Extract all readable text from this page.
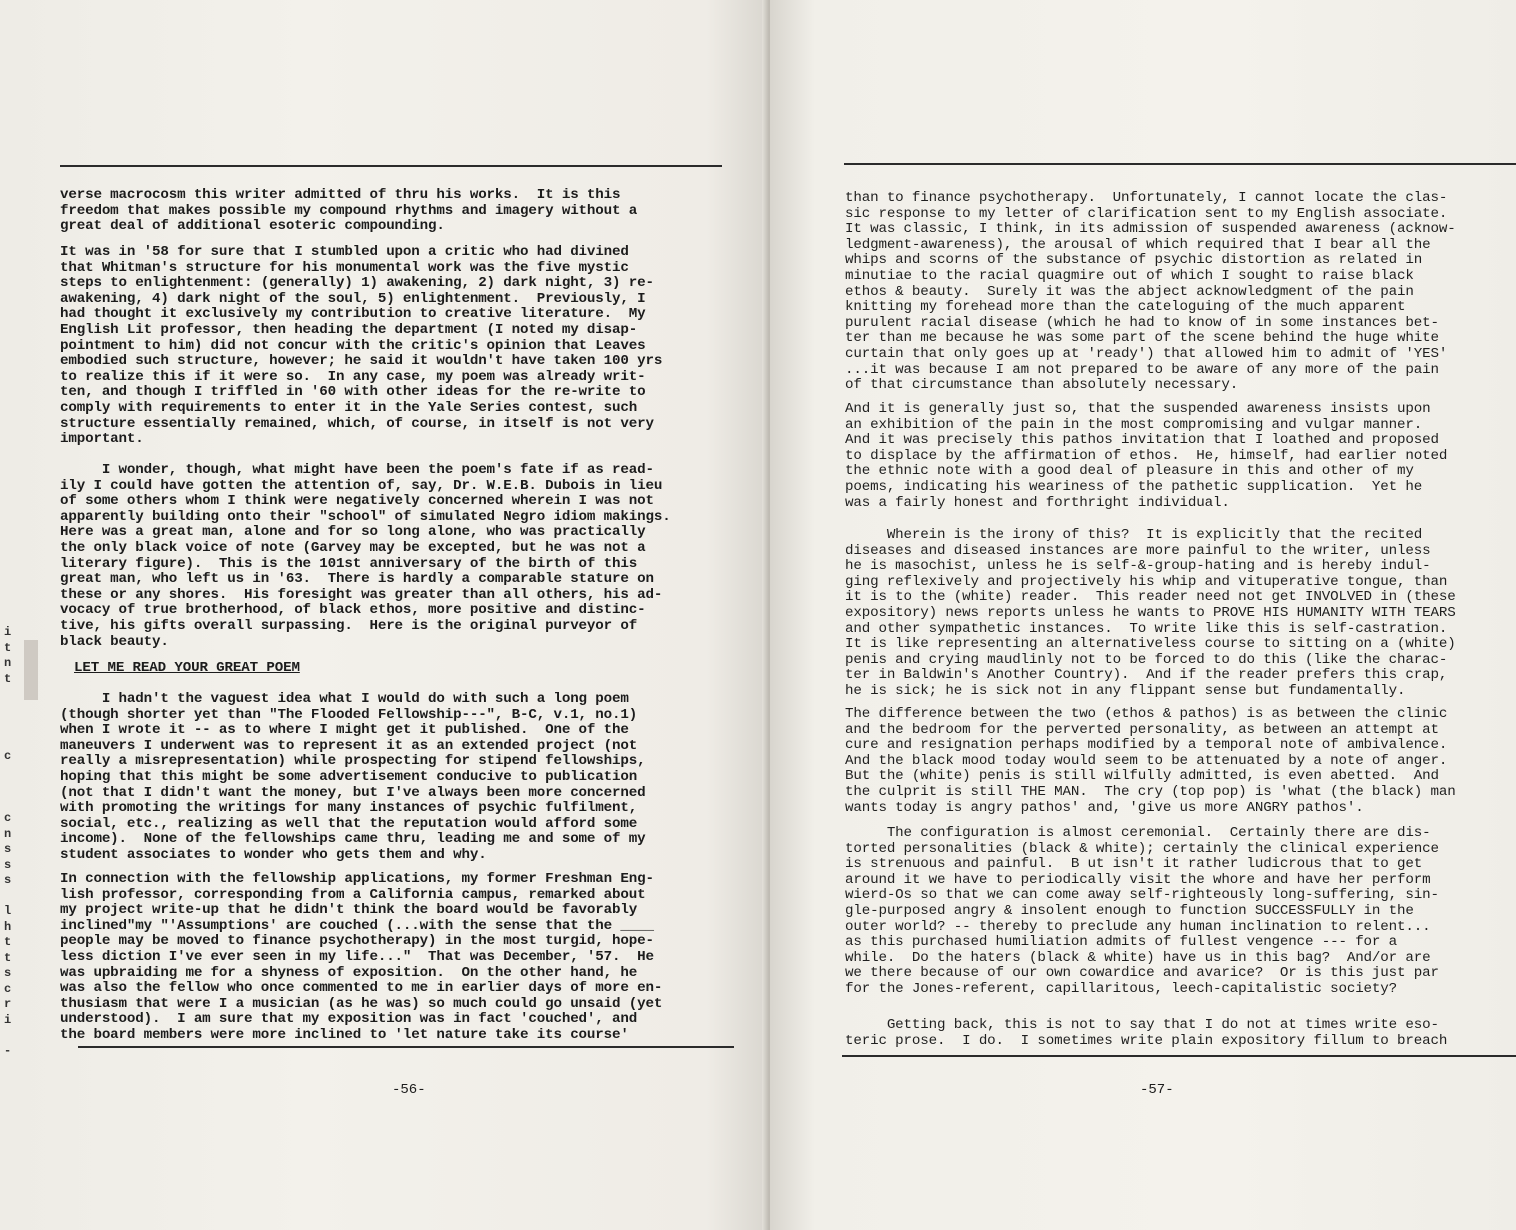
i
t
n
t

c

c
n
s
s
s

l
h
t
t
s
c
r
i

-
verse macrocosm this writer admitted of thru his works.  It is this
freedom that makes possible my compound rhythms and imagery without a
great deal of additional esoteric compounding.
It was in '58 for sure that I stumbled upon a critic who had divined
that Whitman's structure for his monumental work was the five mystic
steps to enlightenment: (generally) 1) awakening, 2) dark night, 3) re-
awakening, 4) dark night of the soul, 5) enlightenment.  Previously, I
had thought it exclusively my contribution to creative literature.  My
English Lit professor, then heading the department (I noted my disap-
pointment to him) did not concur with the critic's opinion that Leaves
embodied such structure, however; he said it wouldn't have taken 100 yrs
to realize this if it were so.  In any case, my poem was already writ-
ten, and though I triffled in '60 with other ideas for the re-write to
comply with requirements to enter it in the Yale Series contest, such
structure essentially remained, which, of course, in itself is not very
important.
I wonder, though, what might have been the poem's fate if as read-
ily I could have gotten the attention of, say, Dr. W.E.B. Dubois in lieu
of some others whom I think were negatively concerned wherein I was not
apparently building onto their "school" of simulated Negro idiom makings.
Here was a great man, alone and for so long alone, who was practically
the only black voice of note (Garvey may be excepted, but he was not a
literary figure).  This is the 101st anniversary of the birth of this
great man, who left us in '63.  There is hardly a comparable stature on
these or any shores.  His foresight was greater than all others, his ad-
vocacy of true brotherhood, of black ethos, more positive and distinc-
tive, his gifts overall surpassing.  Here is the original purveyor of
black beauty.
LET ME READ YOUR GREAT POEM
I hadn't the vaguest idea what I would do with such a long poem
(though shorter yet than "The Flooded Fellowship---", B-C, v.1, no.1)
when I wrote it -- as to where I might get it published.  One of the
maneuvers I underwent was to represent it as an extended project (not
really a misrepresentation) while prospecting for stipend fellowships,
hoping that this might be some advertisement conducive to publication
(not that I didn't want the money, but I've always been more concerned
with promoting the writings for many instances of psychic fulfilment,
social, etc., realizing as well that the reputation would afford some
income).  None of the fellowships came thru, leading me and some of my
student associates to wonder who gets them and why.
In connection with the fellowship applications, my former Freshman Eng-
lish professor, corresponding from a California campus, remarked about
my project write-up that he didn't think the board would be favorably
inclined"my "'Assumptions' are couched (...with the sense that the ____
people may be moved to finance psychotherapy) in the most turgid, hope-
less diction I've ever seen in my life..."  That was December, '57.  He
was upbraiding me for a shyness of exposition.  On the other hand, he
was also the fellow who once commented to me in earlier days of more en-
thusiasm that were I a musician (as he was) so much could go unsaid (yet
understood).  I am sure that my exposition was in fact 'couched', and
the board members were more inclined to 'let nature take its course'
-56-
than to finance psychotherapy.  Unfortunately, I cannot locate the clas-
sic response to my letter of clarification sent to my English associate.
It was classic, I think, in its admission of suspended awareness (acknow-
ledgment-awareness), the arousal of which required that I bear all the
whips and scorns of the substance of psychic distortion as related in
minutiae to the racial quagmire out of which I sought to raise black
ethos & beauty.  Surely it was the abject acknowledgment of the pain
knitting my forehead more than the cateloguing of the much apparent
purulent racial disease (which he had to know of in some instances bet-
ter than me because he was some part of the scene behind the huge white
curtain that only goes up at 'ready') that allowed him to admit of 'YES'
...it was because I am not prepared to be aware of any more of the pain
of that circumstance than absolutely necessary.
And it is generally just so, that the suspended awareness insists upon
an exhibition of the pain in the most compromising and vulgar manner.
And it was precisely this pathos invitation that I loathed and proposed
to displace by the affirmation of ethos.  He, himself, had earlier noted
the ethnic note with a good deal of pleasure in this and other of my
poems, indicating his weariness of the pathetic supplication.  Yet he
was a fairly honest and forthright individual.
Wherein is the irony of this?  It is explicitly that the recited
diseases and diseased instances are more painful to the writer, unless
he is masochist, unless he is self-&-group-hating and is hereby indul-
ging reflexively and projectively his whip and vituperative tongue, than
it is to the (white) reader.  This reader need not get INVOLVED in (these
expository) news reports unless he wants to PROVE HIS HUMANITY WITH TEARS
and other sympathetic instances.  To write like this is self-castration.
It is like representing an alternativeless course to sitting on a (white)
penis and crying maudlinly not to be forced to do this (like the charac-
ter in Baldwin's Another Country).  And if the reader prefers this crap,
he is sick; he is sick not in any flippant sense but fundamentally.
The difference between the two (ethos & pathos) is as between the clinic
and the bedroom for the perverted personality, as between an attempt at
cure and resignation perhaps modified by a temporal note of ambivalence.
And the black mood today would seem to be attenuated by a note of anger.
But the (white) penis is still wilfully admitted, is even abetted.  And
the culprit is still THE MAN.  The cry (top pop) is 'what (the black) man
wants today is angry pathos' and, 'give us more ANGRY pathos'.
The configuration is almost ceremonial.  Certainly there are dis-
torted personalities (black & white); certainly the clinical experience
is strenuous and painful.  B ut isn't it rather ludicrous that to get
around it we have to periodically visit the whore and have her perform
wierd-Os so that we can come away self-righteously long-suffering, sin-
gle-purposed angry & insolent enough to function SUCCESSFULLY in the
outer world? -- thereby to preclude any human inclination to relent...
as this purchased humiliation admits of fullest vengence --- for a
while.  Do the haters (black & white) have us in this bag?  And/or are
we there because of our own cowardice and avarice?  Or is this just par
for the Jones-referent, capillaritous, leech-capitalistic society?
Getting back, this is not to say that I do not at times write eso-
teric prose.  I do.  I sometimes write plain expository fillum to breach
-57-
